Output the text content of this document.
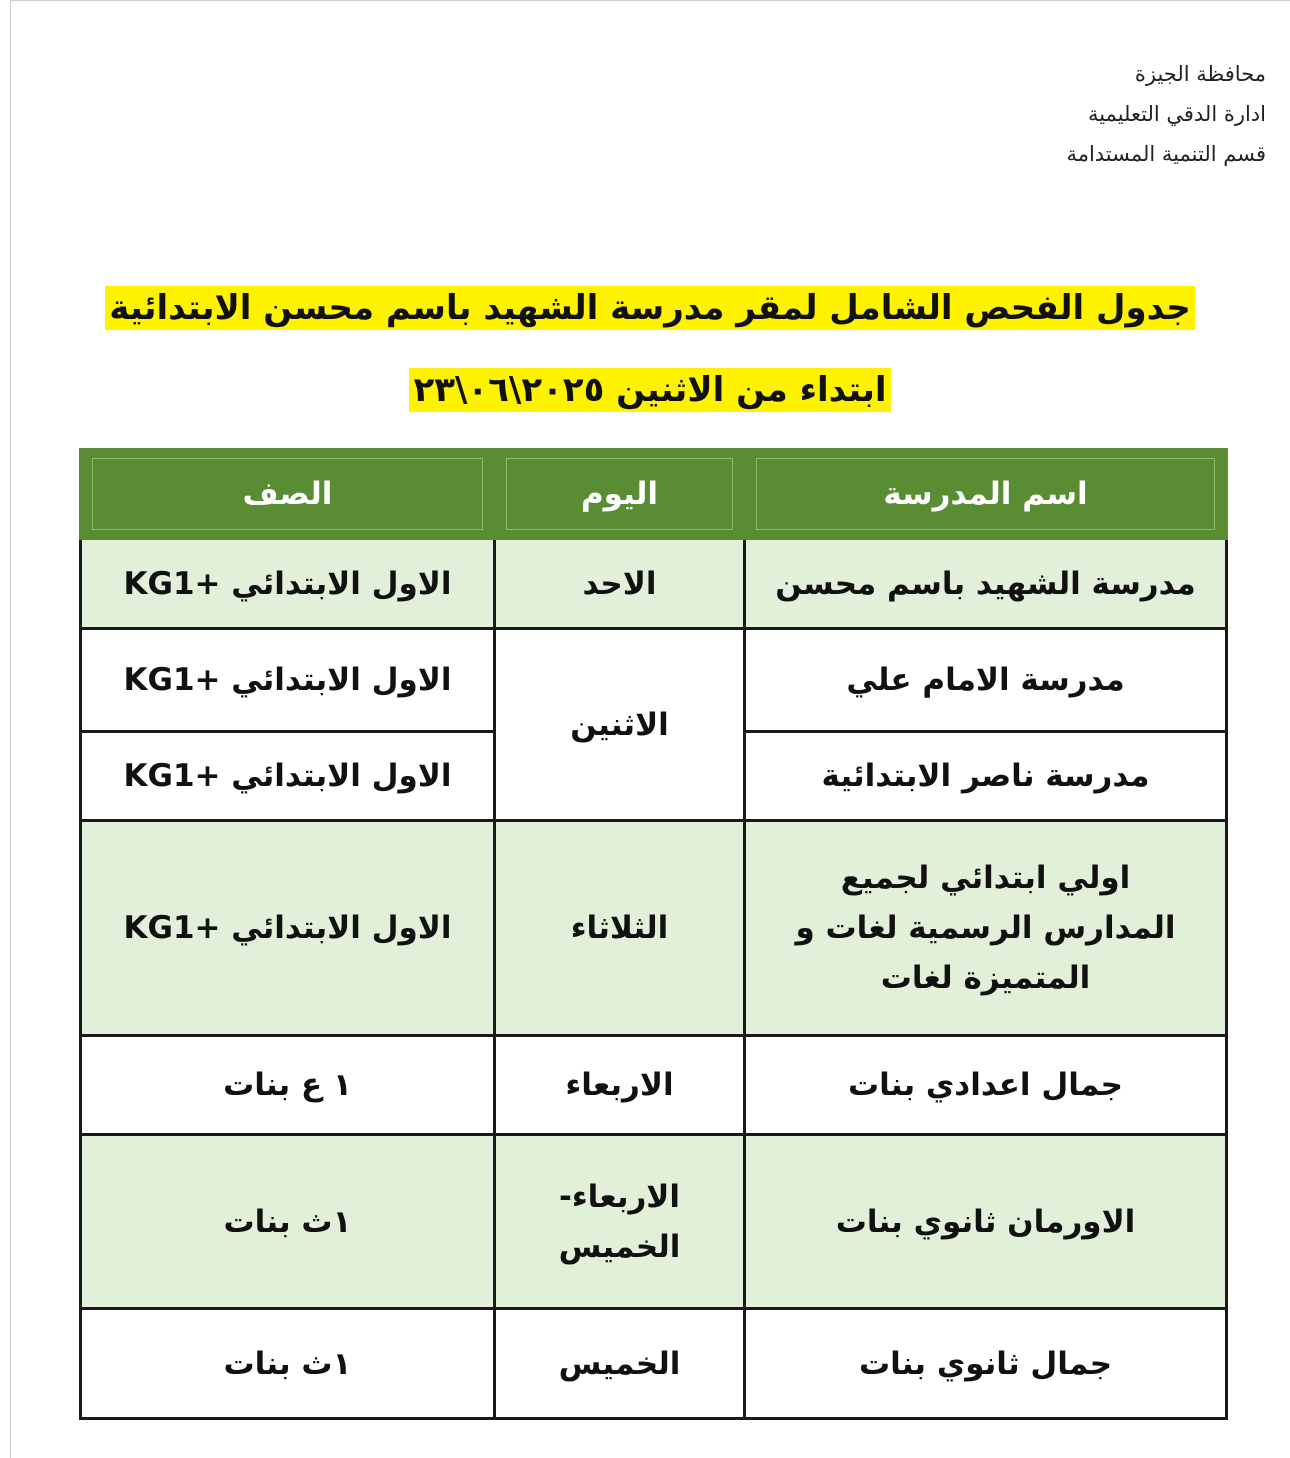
محافظة الجيزة
ادارة الدقي التعليمية
قسم التنمية المستدامة
جدول الفحص الشامل لمقر مدرسة الشهيد باسم محسن الابتدائية
ابتداء من الاثنين ٢٠٢٥\٠٦\٢٣
اسم المدرسة	اليوم	الصف

مدرسة الشهيد باسم محسن	الاحد	الاول الابتدائي +KG1
مدرسة الامام علي	الاثنين	الاول الابتدائي +KG1
مدرسة ناصر الابتدائية		الاول الابتدائي +KG1
اولي ابتدائي لجميع المدارس الرسمية لغات و المتميزة لغات	الثلاثاء	الاول الابتدائي +KG1
جمال اعدادي بنات	الاربعاء	١ ع بنات
الاورمان ثانوي بنات	الاربعاء- الخميس	١ث بنات
جمال ثانوي بنات	الخميس	١ث بنات
